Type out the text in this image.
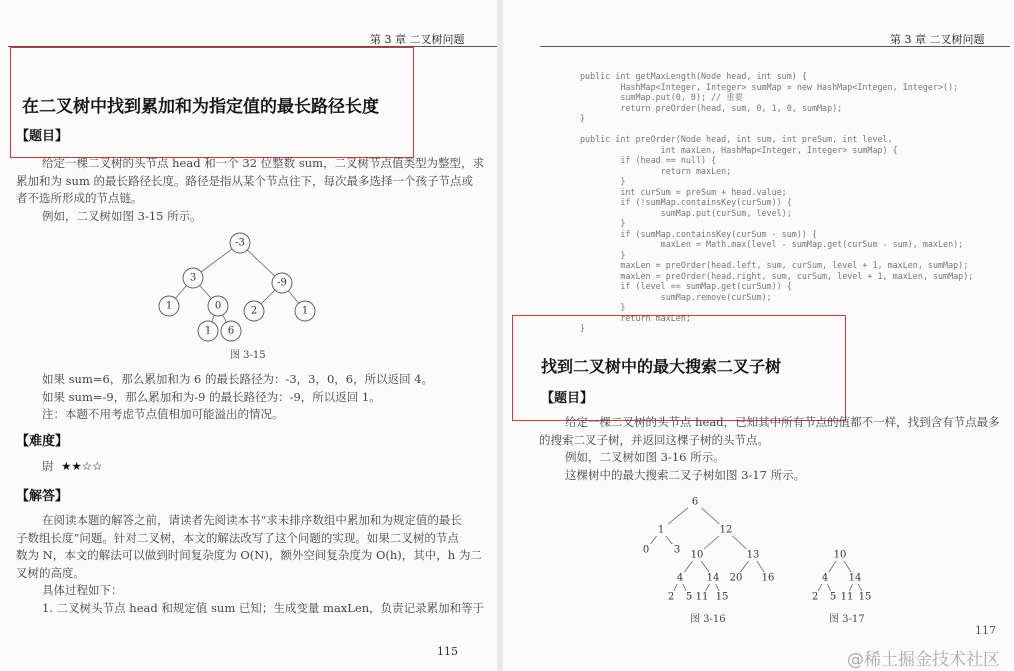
第 3 章 二叉树问题
在二叉树中找到累加和为指定值的最长路径长度
【题目】
给定一棵二叉树的头节点 head 和一个 32 位整数 sum，二叉树节点值类型为整型，求
累加和为 sum 的最长路径长度。路径是指从某个节点往下，每次最多选择一个孩子节点或
者不选所形成的节点链。
例如，二叉树如图 3-15 所示。
图 3-15
如果 sum=6，那么累加和为 6 的最长路径为：-3，3，0，6，所以返回 4。
如果 sum=-9，那么累加和为-9 的最长路径为：-9，所以返回 1。
注：本题不用考虑节点值相加可能溢出的情况。
【难度】
尉 ★★☆☆
【解答】
在阅读本题的解答之前，请读者先阅读本书“求未排序数组中累加和为规定值的最长
子数组长度”问题。针对二叉树，本文的解法改写了这个问题的实现。如果二叉树的节点
数为 N，本文的解法可以做到时间复杂度为 O(N)，额外空间复杂度为 O(h)，其中，h 为二
叉树的高度。
具体过程如下：
1. 二叉树头节点 head 和规定值 sum 已知；生成变量 maxLen，负责记录累加和等于
115
第 3 章 二叉树问题
public int getMaxLength(Node head, int sum) {
HashMap<Integer, Integer> sumMap = new HashMap<Integen, Integer>();
sumMap.put(0, 0); // 重要
return preOrder(head, sum, 0, 1, 0, sumMap);
}

public int preOrder(Node head, int sum, int preSum, int level,
int maxLen, HashMap<Integer, Integer> sumMap) {
if (head == null) {
return maxLen;
}
int curSum = preSum + head.value;
if (!sumMap.containsKey(curSum)) {
sumMap.put(curSum, level);
}
if (sumMap.containsKey(curSum - sum)) {
maxLen = Math.max(level - sumMap.get(curSum - sum), maxLen);
}
maxLen = preOrder(head.left, sum, curSum, level + 1, maxLen, sumMap);
maxLen = preOrder(head.right, sum, curSum, level + 1, maxLen, sumMap);
if (level == sumMap.get(curSum)) {
sumMap.remove(curSum);
}
return maxLen;
}
找到二叉树中的最大搜索二叉子树
【题目】
给定一棵二叉树的头节点 head，已知其中所有节点的值都不一样，找到含有节点最多
的搜索二叉子树，并返回这棵子树的头节点。
例如，二叉树如图 3-16 所示。
这棵树中的最大搜索二叉子树如图 3-17 所示。
图 3-16	图 3-17
-3
3	-9
1	0	2	1
1 6
6
1	12
0 3 10	13
4 14 20 16
2 5 11 15
10
4 14
2 5 11 15
117
@稀土掘金技术社区
